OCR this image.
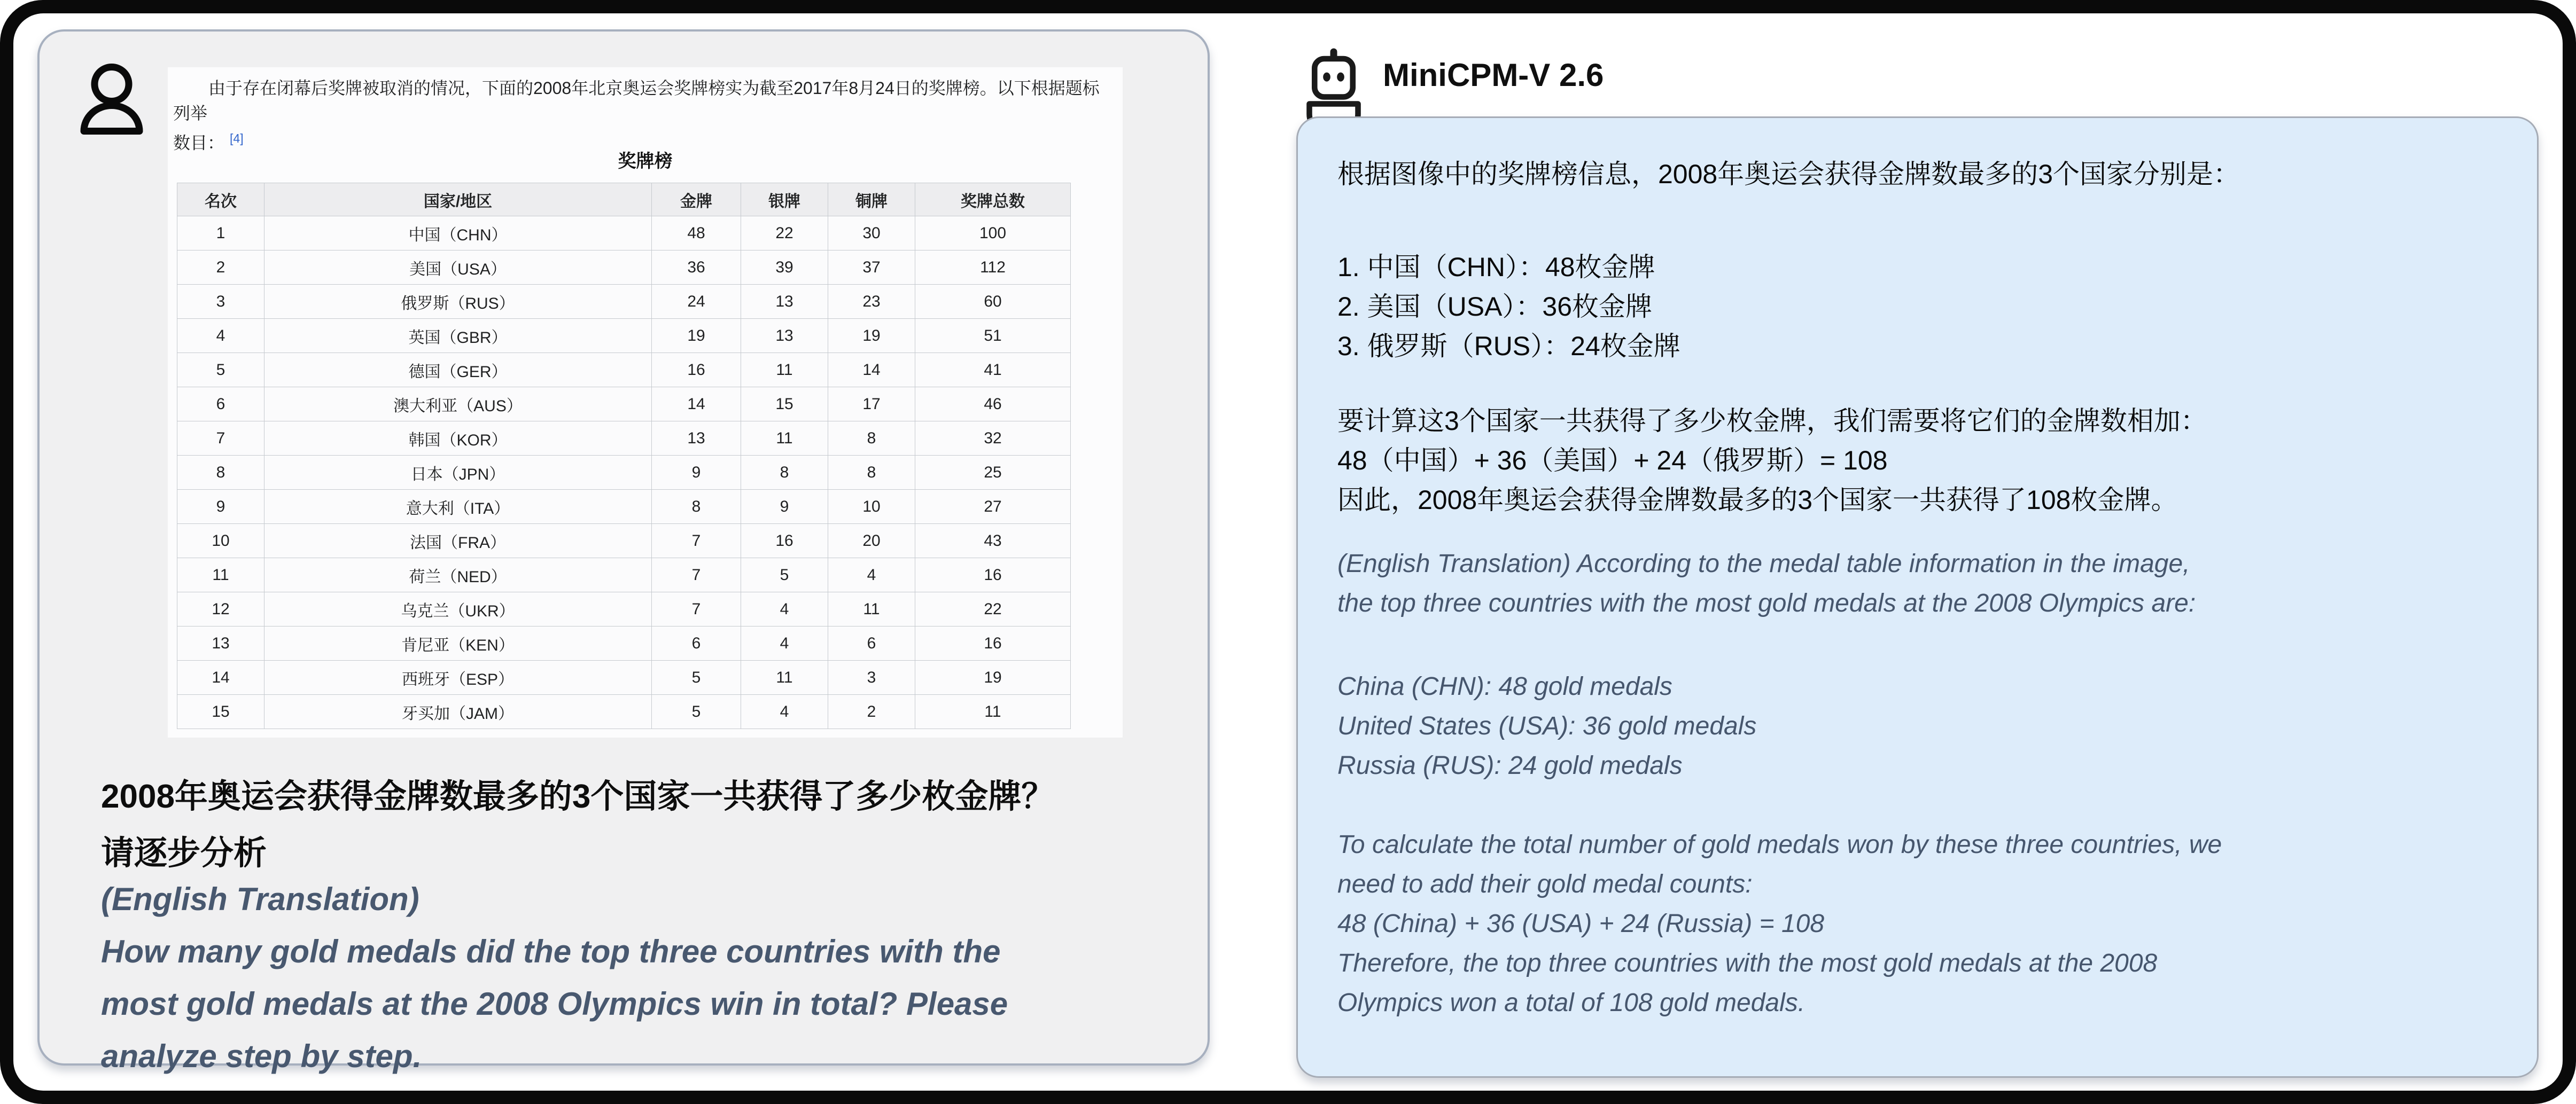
由于存在闭幕后奖牌被取消的情况，下面的2008年北京奥运会奖牌榜实为截至2017年8月24日的奖牌榜。以下根据题标列举
数目： [4]
奖牌榜
名次	国家/地区	金牌	银牌	铜牌	奖牌总数
1	中国（CHN）	48	22	30	100
2	美国（USA）	36	39	37	112
3	俄罗斯（RUS）	24	13	23	60
4	英国（GBR）	19	13	19	51
5	德国（GER）	16	11	14	41
6	澳大利亚（AUS）	14	15	17	46
7	韩国（KOR）	13	11	8	32
8	日本（JPN）	9	8	8	25
9	意大利（ITA）	8	9	10	27
10	法国（FRA）	7	16	20	43
11	荷兰（NED）	7	5	4	16
12	乌克兰（UKR）	7	4	11	22
13	肯尼亚（KEN）	6	4	6	16
14	西班牙（ESP）	5	11	3	19
15	牙买加（JAM）	5	4	2	11
2008年奥运会获得金牌数最多的3个国家一共获得了多少枚金牌？
请逐步分析
(English Translation)
How many gold medals did the top three countries with the
most gold medals at the 2008 Olympics win in total? Please
analyze step by step.
MiniCPM-V 2.6

根据图像中的奖牌榜信息，2008年奥运会获得金牌数最多的3个国家分别是：

1. 中国（CHN）：48枚金牌
2. 美国（USA）：36枚金牌
3. 俄罗斯（RUS）：24枚金牌

要计算这3个国家一共获得了多少枚金牌，我们需要将它们的金牌数相加：
48（中国）+ 36（美国）+ 24（俄罗斯）= 108
因此，2008年奥运会获得金牌数最多的3个国家一共获得了108枚金牌。

(English Translation) According to the medal table information in the image,
the top three countries with the most gold medals at the 2008 Olympics are:

China (CHN): 48 gold medals
United States (USA): 36 gold medals
Russia (RUS): 24 gold medals

To calculate the total number of gold medals won by these three countries, we
need to add their gold medal counts:
48 (China) + 36 (USA) + 24 (Russia) = 108
Therefore, the top three countries with the most gold medals at the 2008
Olympics won a total of 108 gold medals.
